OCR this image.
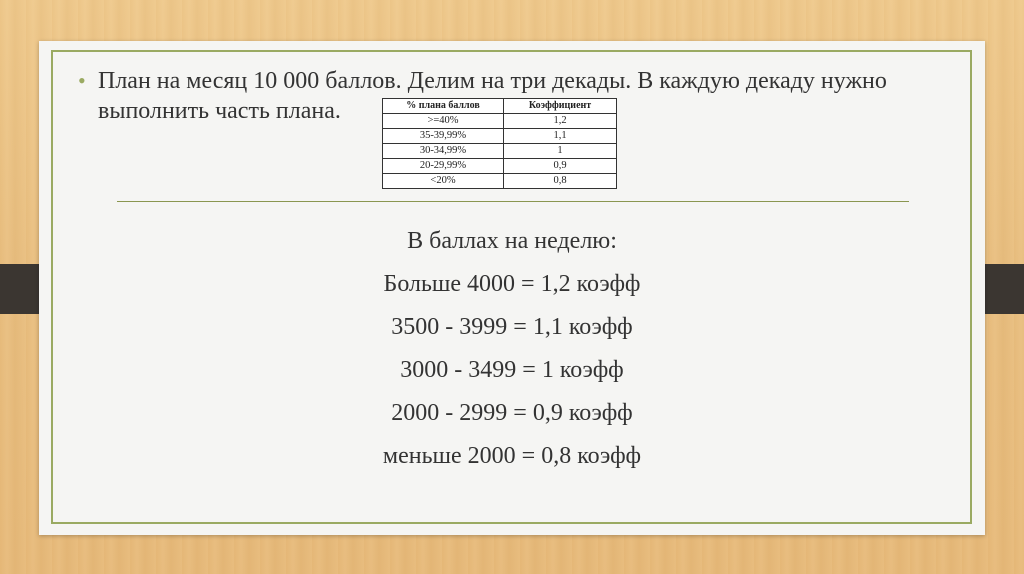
• План на месяц 10 000 баллов. Делим на три декады. В каждую декаду нужно выполнить часть плана.	% плана баллов	Коэффициент
>=40%	1,2
35-39,99%	1,1
30-34,99%	1
20-29,99%	0,9
<20%	0,8
В баллах на неделю:
Больше 4000 = 1,2 коэфф
3500 - 3999 = 1,1 коэфф
3000 - 3499 = 1 коэфф
2000 - 2999 = 0,9 коэфф
меньше 2000 = 0,8 коэфф
